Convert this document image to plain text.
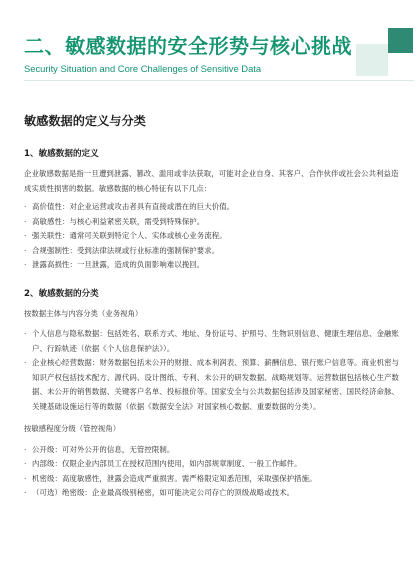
二、敏感数据的安全形势与核心挑战
Security Situation and Core Challenges of Sensitive Data
敏感数据的定义与分类
1、敏感数据的定义

企业敏感数据是指一旦遭到泄露、篡改、滥用或非法获取，可能对企业自身、其客户、合作伙伴或社会公共利益造成实质性损害的数据。敏感数据的核心特征有以下几点：

· 高价值性：对企业运营或攻击者具有直接或潜在的巨大价值。
· 高敏感性：与核心利益紧密关联，需受到特殊保护。
· 强关联性：通常可关联到特定个人、实体或核心业务流程。
· 合规强制性：受到法律法规或行业标准的强制保护要求。
· 泄露高损性：一旦泄露，造成的负面影响难以挽回。
2、敏感数据的分类
按数据主体与内容分类（业务视角）
· 个人信息与隐私数据：包括姓名、联系方式、地址、身份证号、护照号、生物识别信息、健康生理信息、金融账户、行踪轨迹（依据《个人信息保护法》）。
· 企业核心经营数据：财务数据包括未公开的财报、成本利润表、预算、薪酬信息、银行账户信息等。商业机密与知识产权包括技术配方、源代码、设计图纸、专利、未公开的研发数据、战略规划等。运营数据包括核心生产数据、未公开的销售数据、关键客户名单、投标报价等。国家安全与公共数据包括涉及国家秘密、国民经济命脉、关键基础设施运行等的数据（依据《数据安全法》对国家核心数据、重要数据的分类）。
按敏感程度分级（管控视角）
· 公开级：可对外公开的信息，无管控限制。
· 内部级：仅限企业内部员工在授权范围内使用，如内部规章制度、一般工作邮件。
· 机密级：高度敏感性，泄露会造成严重损害。需严格限定知悉范围，采取强保护措施。
· （可选）绝密级：企业最高级别秘密，如可能决定公司存亡的顶级战略或技术。
